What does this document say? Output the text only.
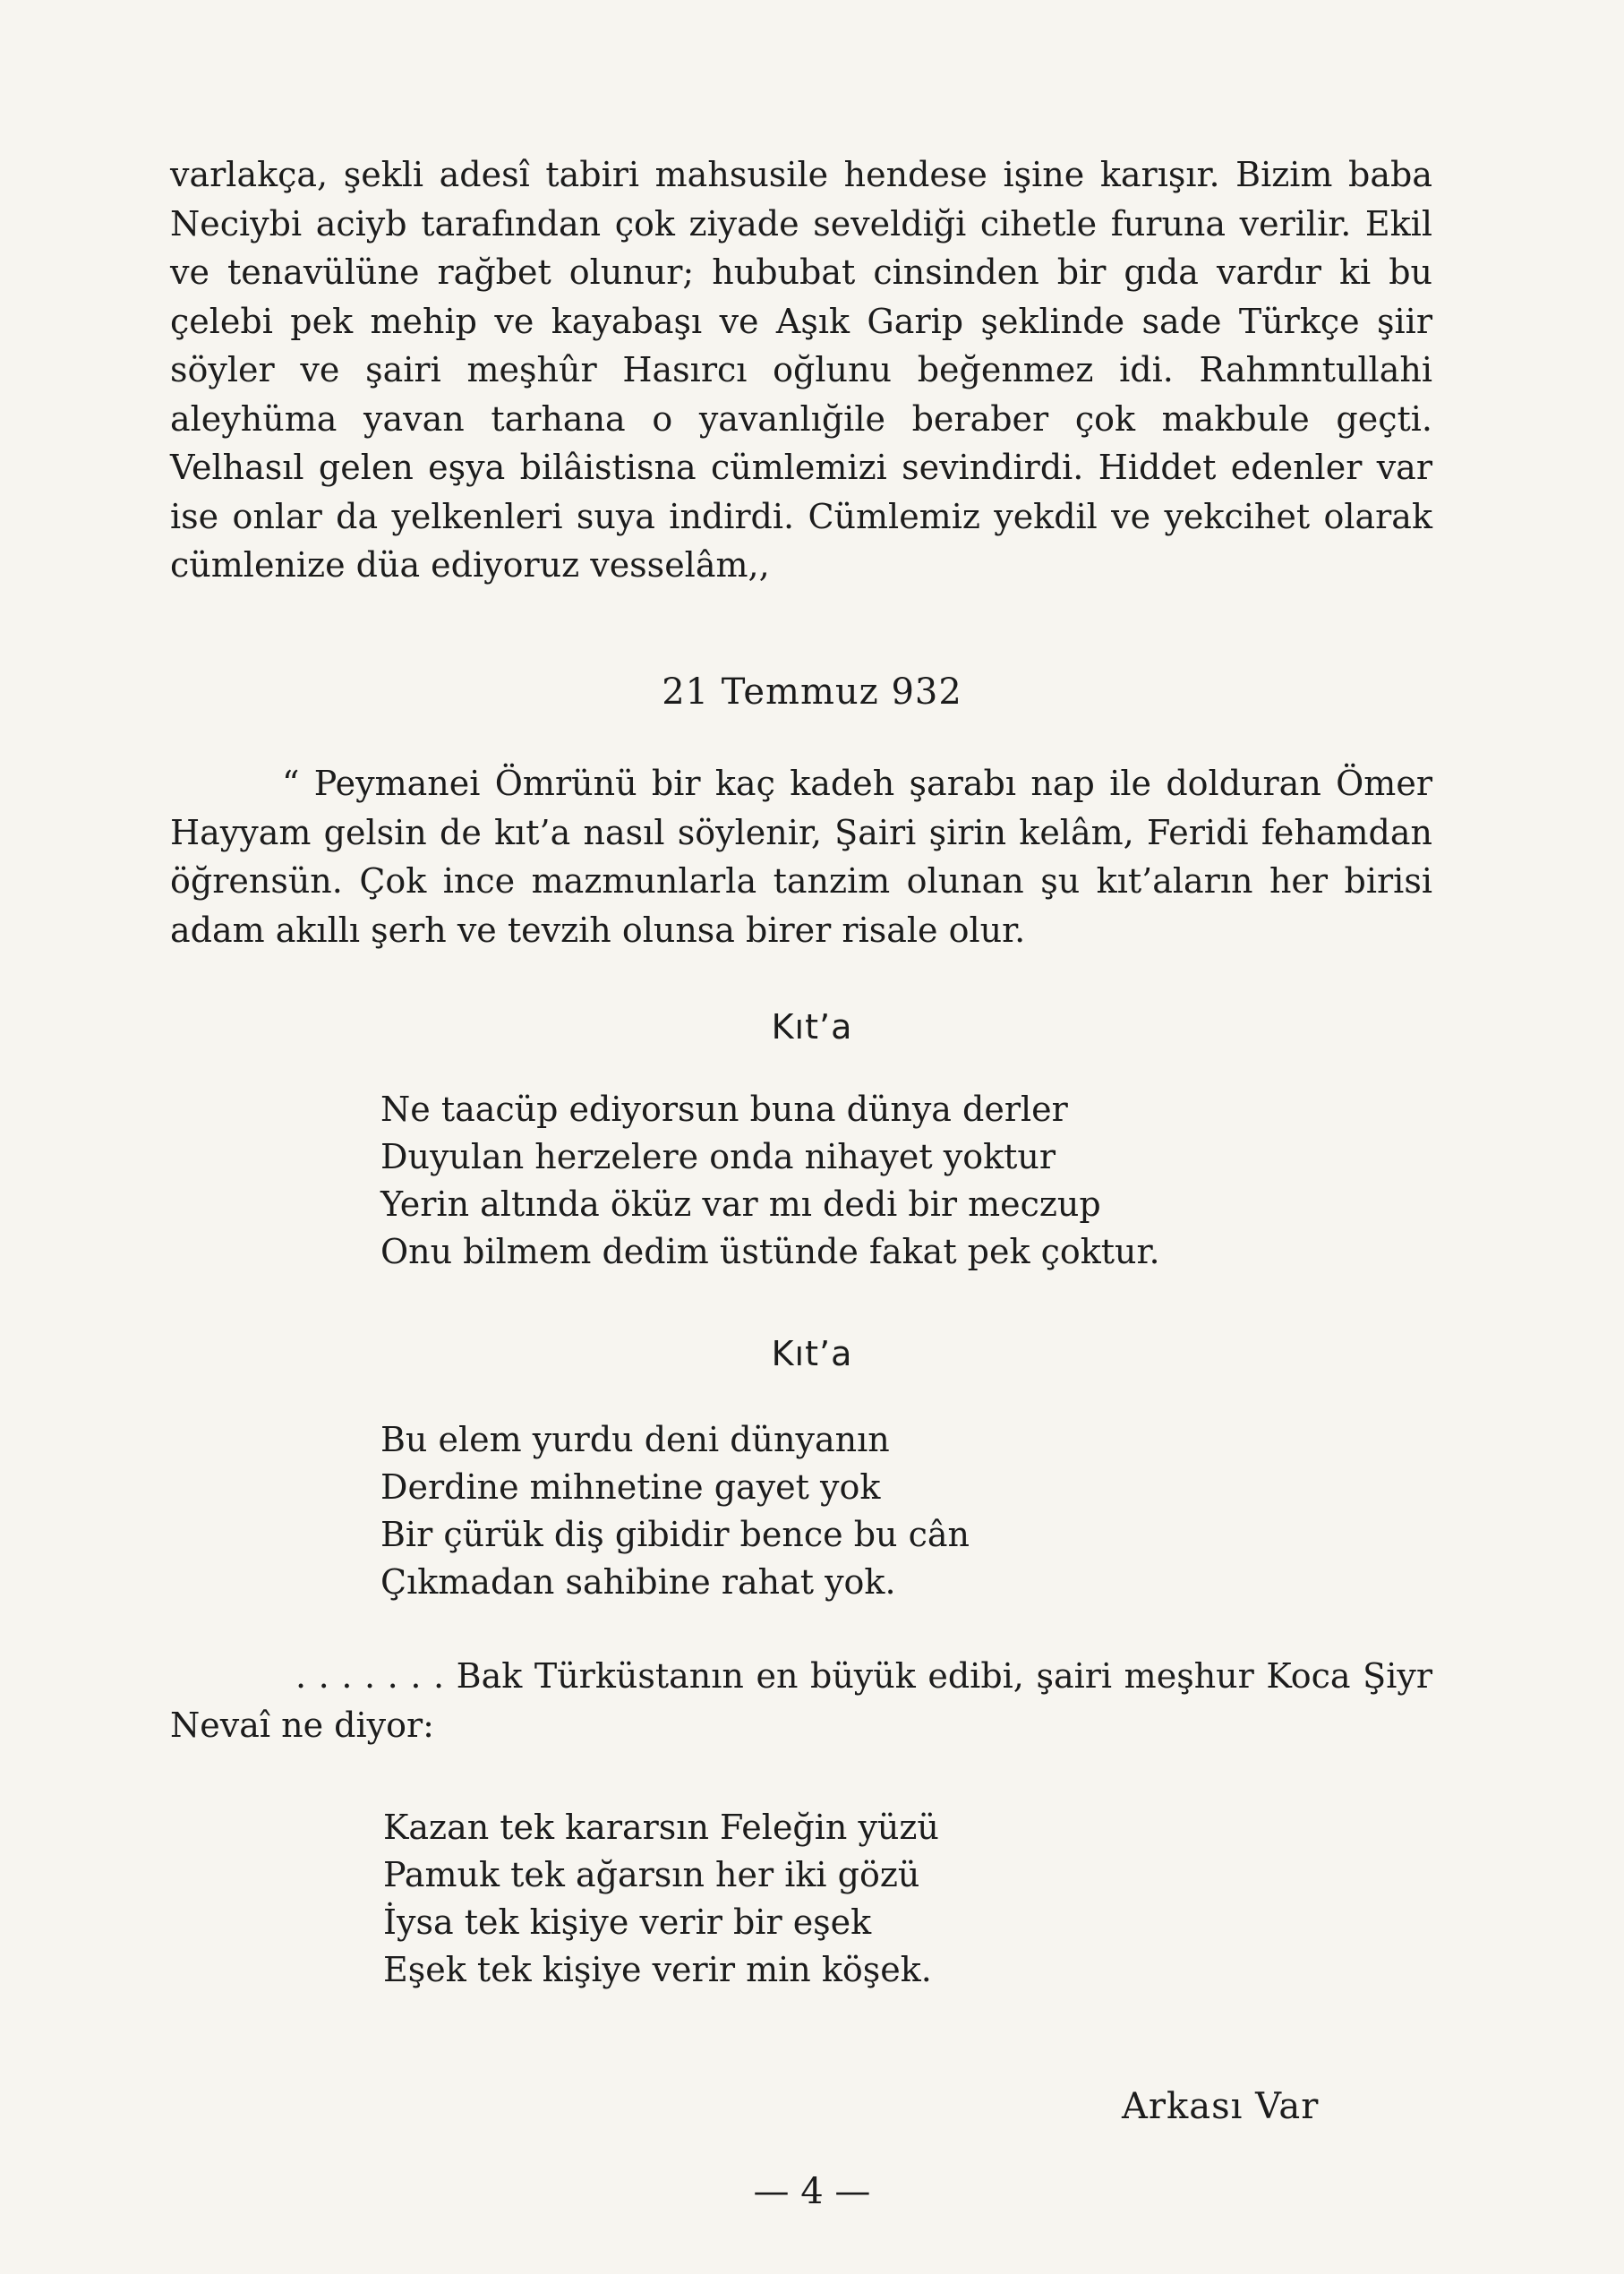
varlakça, şekli adesî tabiri mahsusile hendese işine karışır. Bizim baba Neciybi aciyb tarafından çok ziyade seveldiği cihetle furuna verilir. Ekil ve tenavülüne rağbet olunur; hububat cinsinden bir gıda vardır ki bu çelebi pek mehip ve kayabaşı ve Aşık Garip şeklinde sade Türkçe şiir söyler ve şairi meşhûr Hasırcı oğlunu beğenmez idi. Rahmntullahi aleyhüma yavan tarhana o yavanlığile beraber çok makbule geçti. Velhasıl gelen eşya bilâistisna cümlemizi sevindirdi. Hiddet edenler var ise onlar da yelkenleri suya indirdi. Cümlemiz yekdil ve yekcihet olarak cümlenize düa ediyoruz vesselâm,,

21 Temmuz 932

“ Peymanei Ömrünü bir kaç kadeh şarabı nap ile dolduran Ömer Hayyam gelsin de kıt’a nasıl söylenir, Şairi şirin kelâm, Feridi fehamdan öğrensün. Çok ince mazmunlarla tanzim olunan şu kıt’aların her birisi adam akıllı şerh ve tevzih olunsa birer risale olur.

Kıt’a
Ne taacüp ediyorsun buna dünya derler
Duyulan herzelere onda nihayet yoktur
Yerin altında öküz var mı dedi bir meczup
Onu bilmem dedim üstünde fakat pek çoktur.
Kıt’a
Bu elem yurdu deni dünyanın
Derdine mihnetine gayet yok
Bir çürük diş gibidir bence bu cân
Çıkmadan sahibine rahat yok.

. . . . . . . Bak Türküstanın en büyük edibi, şairi meşhur Koca Şiyr Nevaî ne diyor:

Kazan tek kararsın Feleğin yüzü
Pamuk tek ağarsın her iki gözü
İysa tek kişiye verir bir eşek
Eşek tek kişiye verir min köşek.
Arkası Var
— 4 —
